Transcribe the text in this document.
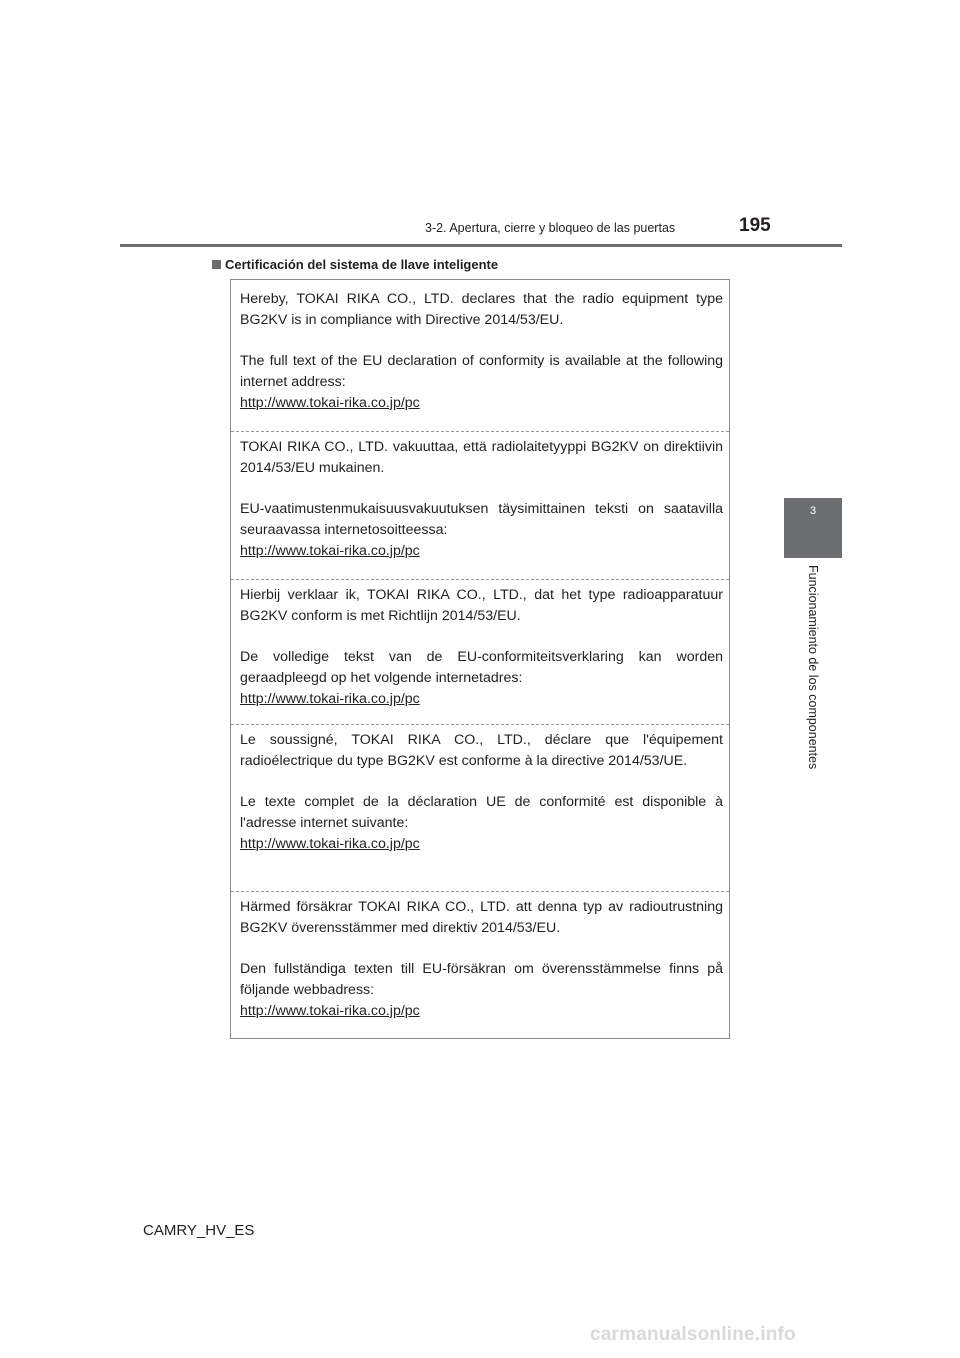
3-2. Apertura, cierre y bloqueo de las puertas	195
Certificación del sistema de llave inteligente

Hereby, TOKAI RIKA CO., LTD. declares that the radio equipment type BG2KV is in compliance with Directive 2014/53/EU.

The full text of the EU declaration of conformity is available at the following internet address:
http://www.tokai-rika.co.jp/pc

TOKAI RIKA CO., LTD. vakuuttaa, että radiolaitetyyppi BG2KV on direktiivin 2014/53/EU mukainen.

EU-vaatimustenmukaisuusvakuutuksen täysimittainen teksti on saatavilla seuraavassa internetosoitteessa:
http://www.tokai-rika.co.jp/pc

Hierbij verklaar ik, TOKAI RIKA CO., LTD., dat het type radioapparatuur BG2KV conform is met Richtlijn 2014/53/EU.

De volledige tekst van de EU-conformiteitsverklaring kan worden geraadpleegd op het volgende internetadres:
http://www.tokai-rika.co.jp/pc

Le soussigné, TOKAI RIKA CO., LTD., déclare que l'équipement radioélectrique du type BG2KV est conforme à la directive 2014/53/UE.

Le texte complet de la déclaration UE de conformité est disponible à l'adresse internet suivante:
http://www.tokai-rika.co.jp/pc

Härmed försäkrar TOKAI RIKA CO., LTD. att denna typ av radioutrustning BG2KV överensstämmer med direktiv 2014/53/EU.

Den fullständiga texten till EU-försäkran om överensstämmelse finns på följande webbadress:
http://www.tokai-rika.co.jp/pc

3
Funcionamiento de los componentes
CAMRY_HV_ES
carmanualsonline.info
